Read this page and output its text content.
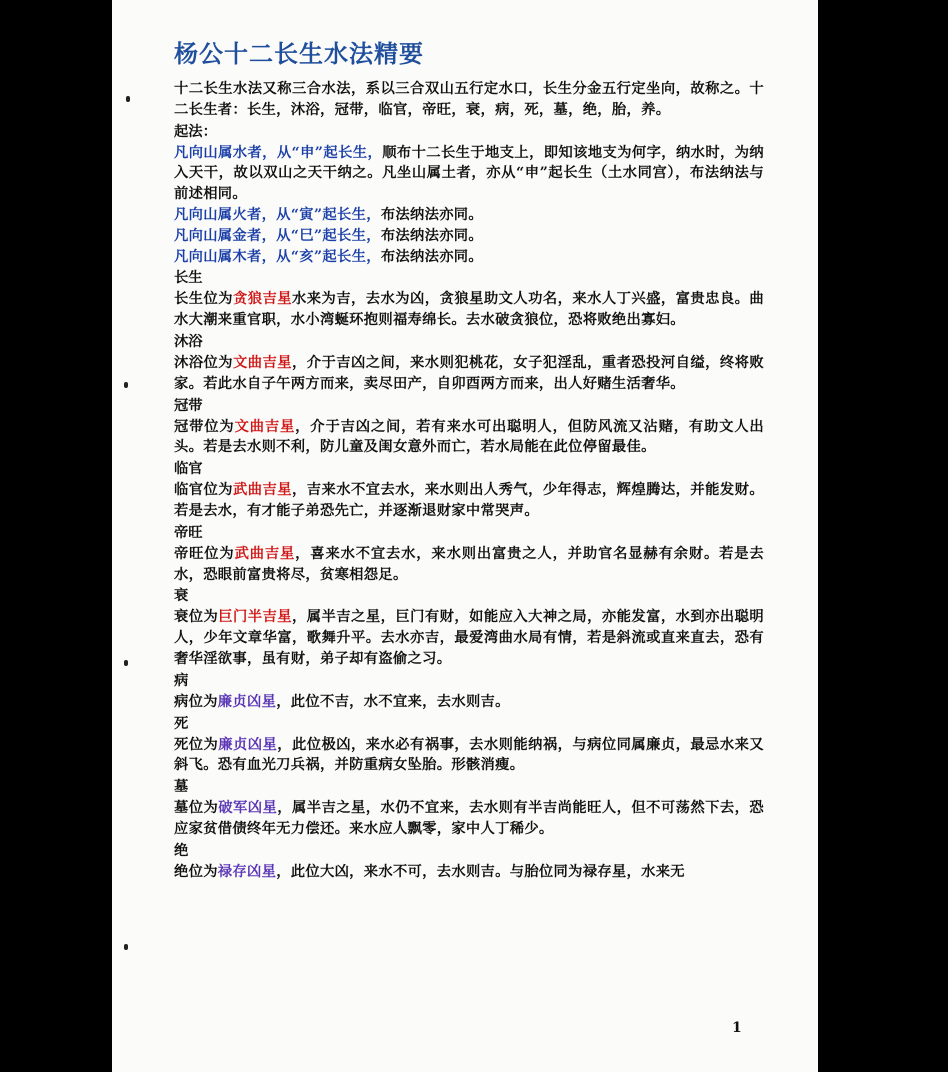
杨公十二长生水法精要

十二长生水法又称三合水法，系以三合双山五行定水口，长生分金五行定坐向，故称之。十二长生者：长生，沐浴，冠带，临官，帝旺，衰，病，死，墓，绝，胎，养。

起法：

凡向山属水者，从“申”起长生，顺布十二长生于地支上，即知该地支为何字，纳水时，为纳入天干，故以双山之天干纳之。凡坐山属土者，亦从“申”起长生（土水同宫），布法纳法与前述相同。

凡向山属火者，从“寅”起长生，布法纳法亦同。

凡向山属金者，从“巳”起长生，布法纳法亦同。

凡向山属木者，从“亥”起长生，布法纳法亦同。

长生

长生位为贪狼吉星水来为吉，去水为凶，贪狼星助文人功名，来水人丁兴盛，富贵忠良。曲水大潮来重官职，水小湾蜒环抱则福寿绵长。去水破贪狼位，恐将败绝出寡妇。

沐浴

沐浴位为文曲吉星，介于吉凶之间，来水则犯桃花，女子犯淫乱，重者恐投河自缢，终将败家。若此水自子午两方而来，卖尽田产，自卯酉两方而来，出人好赌生活奢华。

冠带

冠带位为文曲吉星，介于吉凶之间，若有来水可出聪明人，但防风流又沾赌，有助文人出头。若是去水则不利，防儿童及闺女意外而亡，若水局能在此位停留最佳。

临官

临官位为武曲吉星，吉来水不宜去水，来水则出人秀气，少年得志，辉煌腾达，并能发财。若是去水，有才能子弟恐先亡，并逐渐退财家中常哭声。

帝旺

帝旺位为武曲吉星，喜来水不宜去水，来水则出富贵之人，并助官名显赫有余财。若是去水，恐眼前富贵将尽，贫寒相怨足。

衰

衰位为巨门半吉星，属半吉之星，巨门有财，如能应入大神之局，亦能发富，水到亦出聪明人，少年文章华富，歌舞升平。去水亦吉，最爱湾曲水局有情，若是斜流或直来直去，恐有奢华淫欲事，虽有财，弟子却有盗偷之习。

病

病位为廉贞凶星，此位不吉，水不宜来，去水则吉。

死

死位为廉贞凶星，此位极凶，来水必有祸事，去水则能纳祸，与病位同属廉贞，最忌水来又斜飞。恐有血光刀兵祸，并防重病女坠胎。形骸消瘦。

墓

墓位为破军凶星，属半吉之星，水仍不宜来，去水则有半吉尚能旺人，但不可荡然下去，恐应家贫借债终年无力偿还。来水应人飘零，家中人丁稀少。

绝

绝位为禄存凶星，此位大凶，来水不可，去水则吉。与胎位同为禄存星，水来无

1
